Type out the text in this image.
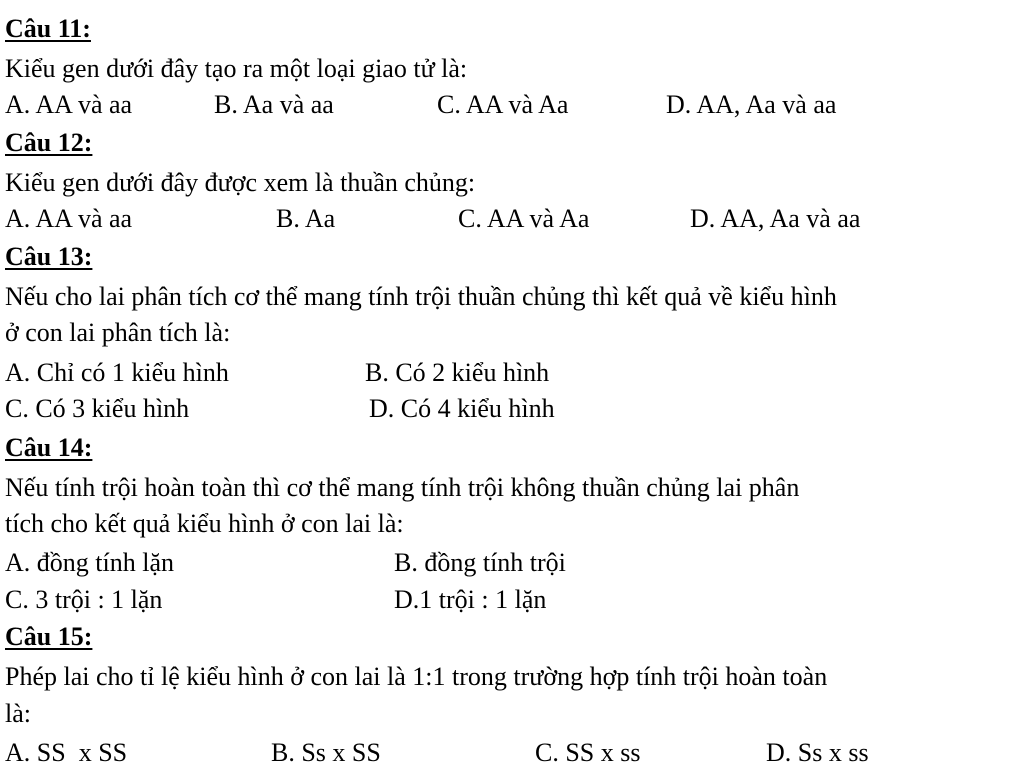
Câu 11:
Kiểu gen dưới đây tạo ra một loại giao tử là:
A. AA và aa	B. Aa và aa	C. AA và Aa	D. AA, Aa và aa
Câu 12:
Kiểu gen dưới đây được xem là thuần chủng:
A. AA và aa	B. Aa	C. AA và Aa	D. AA, Aa và aa
Câu 13:
Nếu cho lai phân tích cơ thể mang tính trội thuần chủng thì kết quả về kiểu hình
ở con lai phân tích là:
A. Chỉ có 1 kiểu hình	B. Có 2 kiểu hình
C. Có 3 kiểu hình	D. Có 4 kiểu hình
Câu 14:
Nếu tính trội hoàn toàn thì cơ thể mang tính trội không thuần chủng lai phân
tích cho kết quả kiểu hình ở con lai là:
A. đồng tính lặn	B. đồng tính trội
C. 3 trội : 1 lặn	D.1 trội : 1 lặn
Câu 15:
Phép lai cho tỉ lệ kiểu hình ở con lai là 1:1 trong trường hợp tính trội hoàn toàn
là:
A. SS  x SS	B. Ss x SS	C. SS x ss	D. Ss x ss
